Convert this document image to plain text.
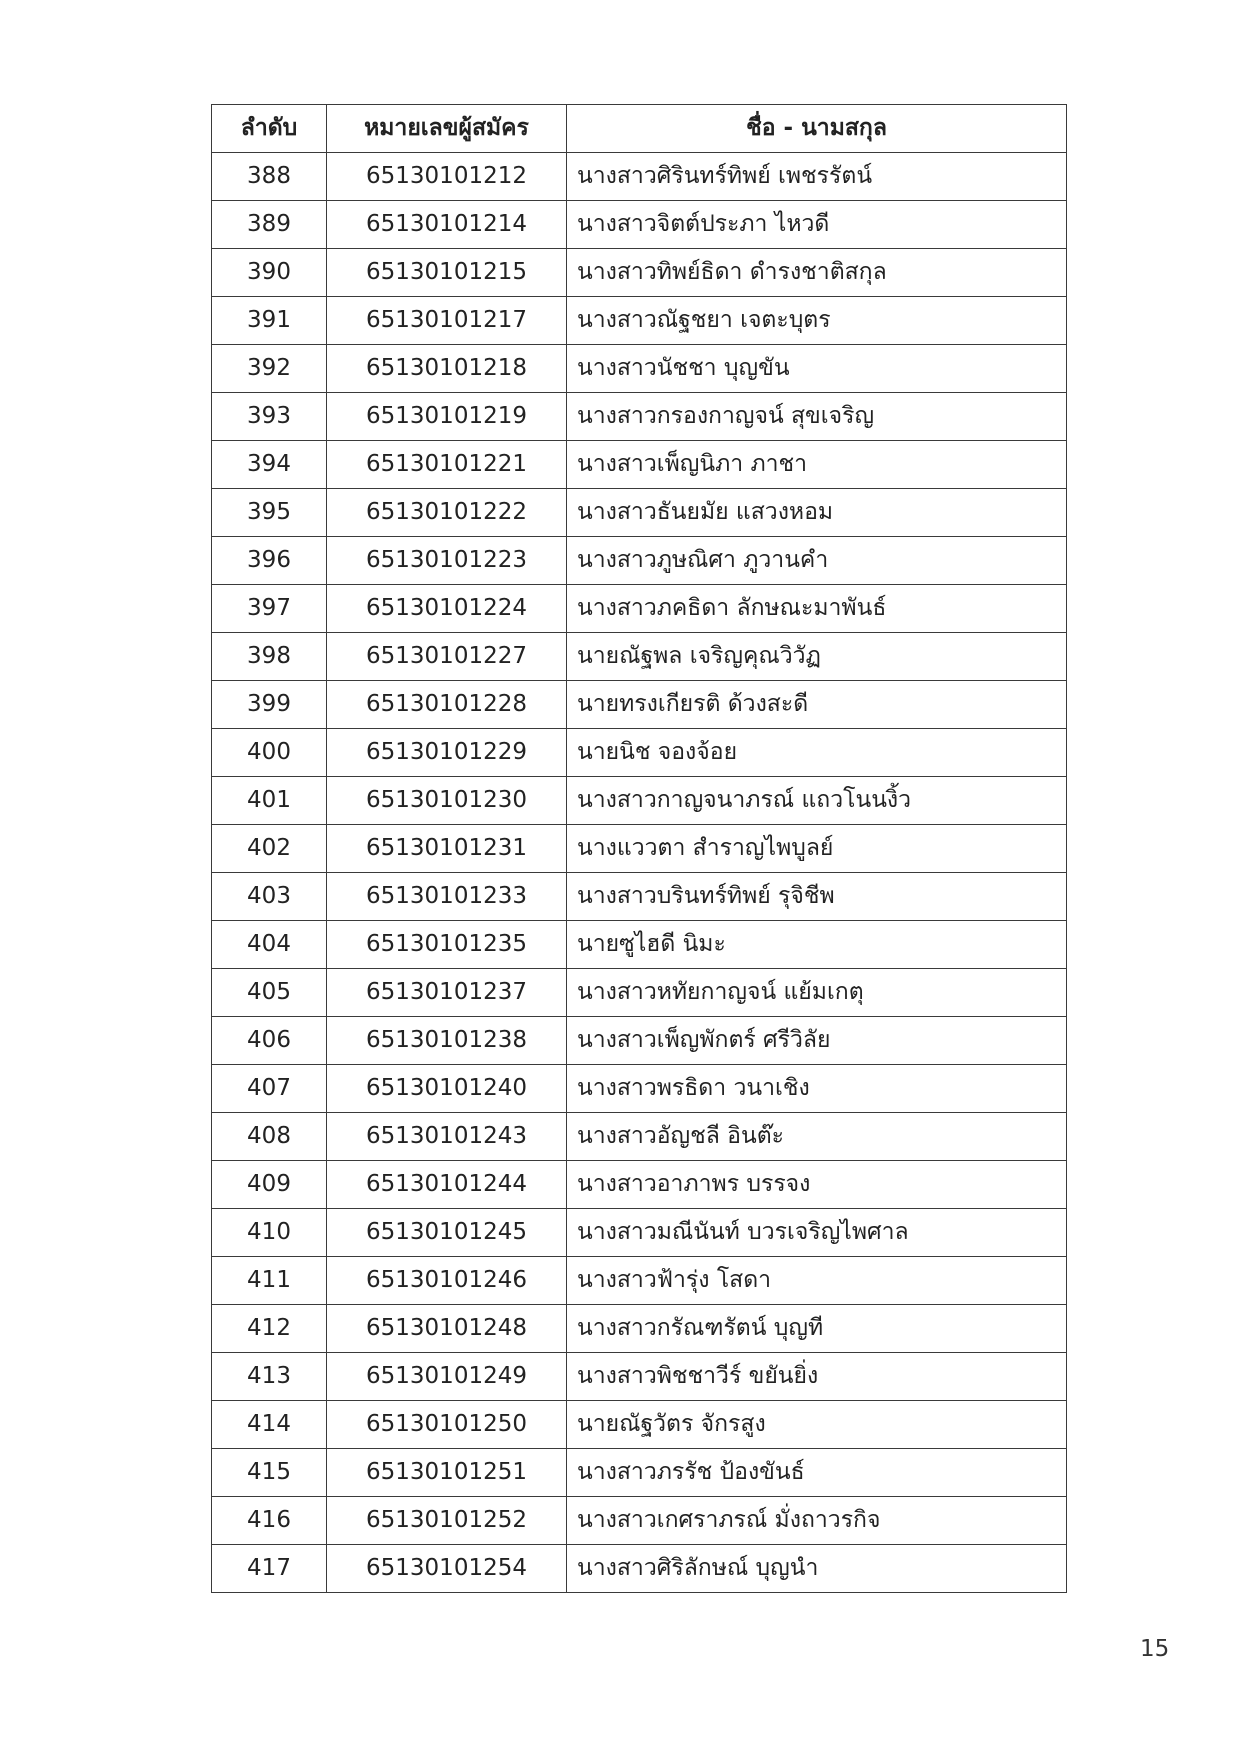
ลำดับ	หมายเลขผู้สมัคร	ชื่อ - นามสกุล
388	65130101212	นางสาวศิรินทร์ทิพย์ เพชรรัตน์
389	65130101214	นางสาวจิตต์ประภา ไหวดี
390	65130101215	นางสาวทิพย์ธิดา ดำรงชาติสกุล
391	65130101217	นางสาวณัฐชยา เจตะบุตร
392	65130101218	นางสาวนัชชา บุญขัน
393	65130101219	นางสาวกรองกาญจน์ สุขเจริญ
394	65130101221	นางสาวเพ็ญนิภา ภาชา
395	65130101222	นางสาวธันยมัย แสวงหอม
396	65130101223	นางสาวภูษณิศา ภูวานคำ
397	65130101224	นางสาวภคธิดา ลักษณะมาพันธ์
398	65130101227	นายณัฐพล เจริญคุณวิวัฏ
399	65130101228	นายทรงเกียรติ ด้วงสะดี
400	65130101229	นายนิช จองจ้อย
401	65130101230	นางสาวกาญจนาภรณ์ แถวโนนงิ้ว
402	65130101231	นางแววตา สำราญไพบูลย์
403	65130101233	นางสาวบรินทร์ทิพย์ รุจิชีพ
404	65130101235	นายซูไฮดี นิมะ
405	65130101237	นางสาวหทัยกาญจน์ แย้มเกตุ
406	65130101238	นางสาวเพ็ญพักตร์ ศรีวิลัย
407	65130101240	นางสาวพรธิดา วนาเชิง
408	65130101243	นางสาวอัญชลี อินต๊ะ
409	65130101244	นางสาวอาภาพร บรรจง
410	65130101245	นางสาวมณีนันท์ บวรเจริญไพศาล
411	65130101246	นางสาวฟ้ารุ่ง โสดา
412	65130101248	นางสาวกรัณฑรัตน์ บุญที
413	65130101249	นางสาวพิชชาวีร์ ขยันยิ่ง
414	65130101250	นายณัฐวัตร จักรสูง
415	65130101251	นางสาวภรรัช ป้องขันธ์
416	65130101252	นางสาวเกศราภรณ์ มั่งถาวรกิจ
417	65130101254	นางสาวศิริลักษณ์ บุญนำ
15
